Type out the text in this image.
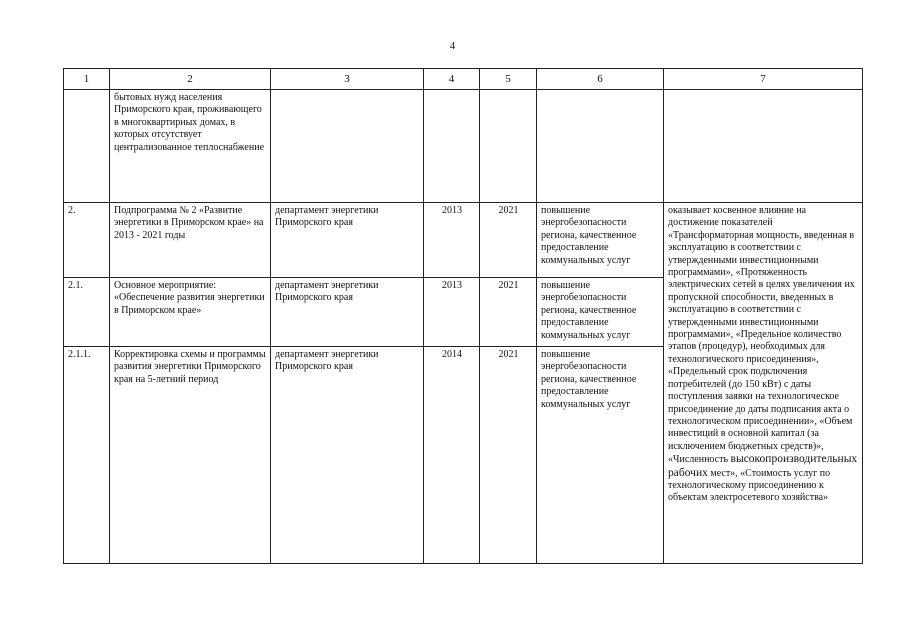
4
1	2	3	4	5	6	7
	бытовых нужд населения Приморского края, проживающего в многоквартирных домах, в которых отсутствует централизованное теплоснабжение					
2.	Подпрограмма № 2 «Развитие энергетики в Приморском крае» на 2013 - 2021 годы	департамент энергетики Приморского края	2013	2021	повышение энергобезопасности региона, качественное предоставление коммунальных услуг	оказывает косвенное влияние на достижение показателей «Трансформаторная мощность, введенная в эксплуатацию в соответствии с утвержденными инвестиционными программами», «Протяженность электрических сетей в целях увеличения их пропускной способности, введенных в эксплуатацию в соответствии с утвержденными инвестиционными программами», «Предельное количество этапов (процедур), необходимых для технологического присоединения», «Предельный срок подключения потребителей (до 150 кВт) с даты поступления заявки на технологическое присоединение до даты подписания акта о технологическом присоединении», «Объем инвестиций в основной капитал (за исключением бюджетных средств)», «Численность высокопроизводительных рабочих мест», «Стоимость услуг по технологическому присоединению к объектам электросетевого хозяйства»
2.1.	Основное мероприятие: «Обеспечение развития энергетики в Приморском крае»	департамент энергетики Приморского края	2013	2021	повышение энергобезопасности региона, качественное предоставление коммунальных услуг	
2.1.1.	Корректировка схемы и программы развития энергетики Приморского края на 5-летний период	департамент энергетики Приморского края	2014	2021	повышение энергобезопасности региона, качественное предоставление коммунальных услуг	
